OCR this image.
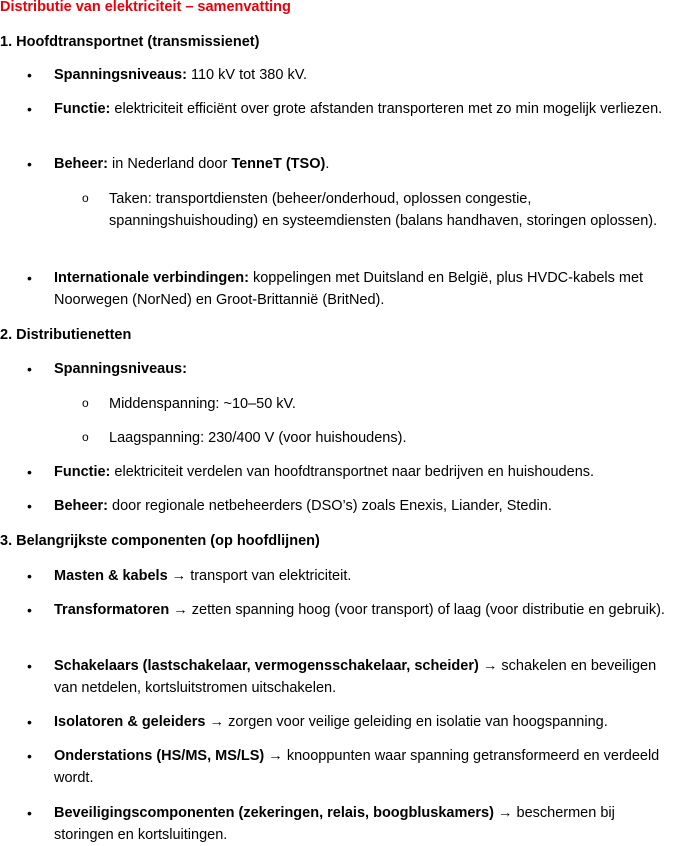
Distributie van elektriciteit – samenvatting
1. Hoofdtransportnet (transmissienet)
• Spanningsniveaus: 110 kV tot 380 kV.
• Functie: elektriciteit efficiënt over grote afstanden transporteren met zo min mogelijk verliezen.
• Beheer: in Nederland door TenneT (TSO).
o Taken: transportdiensten (beheer/onderhoud, oplossen congestie, spanningshuishouding) en systeemdiensten (balans handhaven, storingen oplossen).
• Internationale verbindingen: koppelingen met Duitsland en België, plus HVDC-kabels met Noorwegen (NorNed) en Groot-Brittannië (BritNed).
2. Distributienetten
• Spanningsniveaus:
o Middenspanning: ~10–50 kV.
o Laagspanning: 230/400 V (voor huishoudens).
• Functie: elektriciteit verdelen van hoofdtransportnet naar bedrijven en huishoudens.
• Beheer: door regionale netbeheerders (DSO’s) zoals Enexis, Liander, Stedin.
3. Belangrijkste componenten (op hoofdlijnen)
• Masten & kabels → transport van elektriciteit.
• Transformatoren → zetten spanning hoog (voor transport) of laag (voor distributie en gebruik).
• Schakelaars (lastschakelaar, vermogensschakelaar, scheider) → schakelen en beveiligen van netdelen, kortsluitstromen uitschakelen.
• Isolatoren & geleiders → zorgen voor veilige geleiding en isolatie van hoogspanning.
• Onderstations (HS/MS, MS/LS) → knooppunten waar spanning getransformeerd en verdeeld wordt.
• Beveiligingscomponenten (zekeringen, relais, boogbluskamers) → beschermen bij storingen en kortsluitingen.
